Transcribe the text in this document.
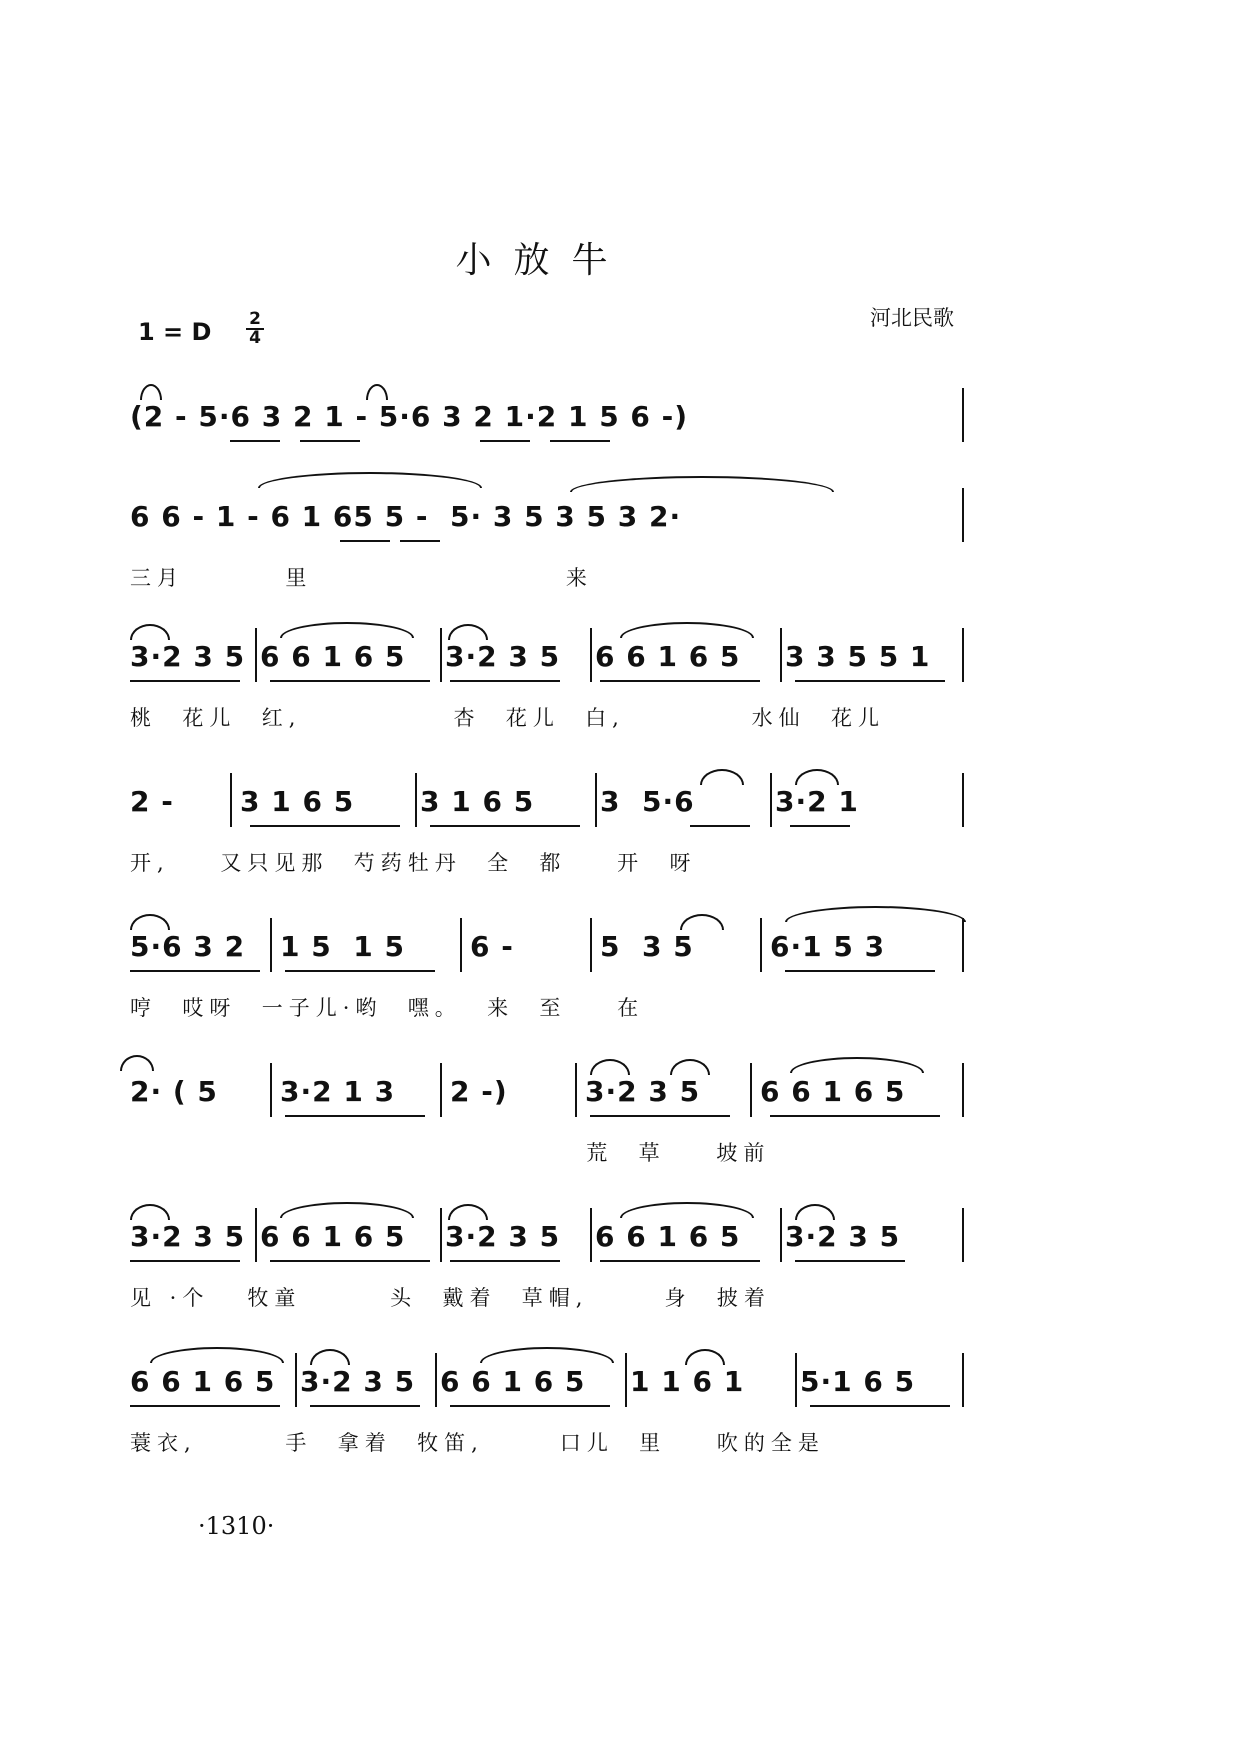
小放牛
河北民歌
1 = D $\frac{2}{4}$
(2 - 5·6 3 2 1 - 5·6 3 2 1·2 1 5 6 -)
6 6 - 1 - 6 1 65 5 -  5· 3 5 3 5 3 2·
三月        里                    来
3·2 3 5 6 6 1 6 5 3·2 3 5 6 6 1 6 5 3 3 5 5 1
桃  花儿  红,            杏  花儿  白,          水仙  花儿
2 - 3 1 6 5 3 1 6 5 3  5·6	3·2 1
开,    又只见那  芍药牡丹  全  都    开  呀
5·6 3 2 1 5  1 5 6 -	5  3 5	6·1 5 3
哼  哎呀  一子儿·哟  嘿。  来  至    在
2· ( 5 3·2 1 3 2 -)	3·2 3 5 6 6 1 6 5
荒  草    坡前
3·2 3 5 6 6 1 6 5 3·2 3 5 6 6 1 6 5 3·2 3 5
见 ·个   牧童       头  戴着  草帽,      身  披着
6 6 1 6 5 3·2 3 5 6 6 1 6 5 1 1 6 1 5·1 6 5
蓑衣,       手  拿着  牧笛,      口儿  里    吹的全是
·1310·
